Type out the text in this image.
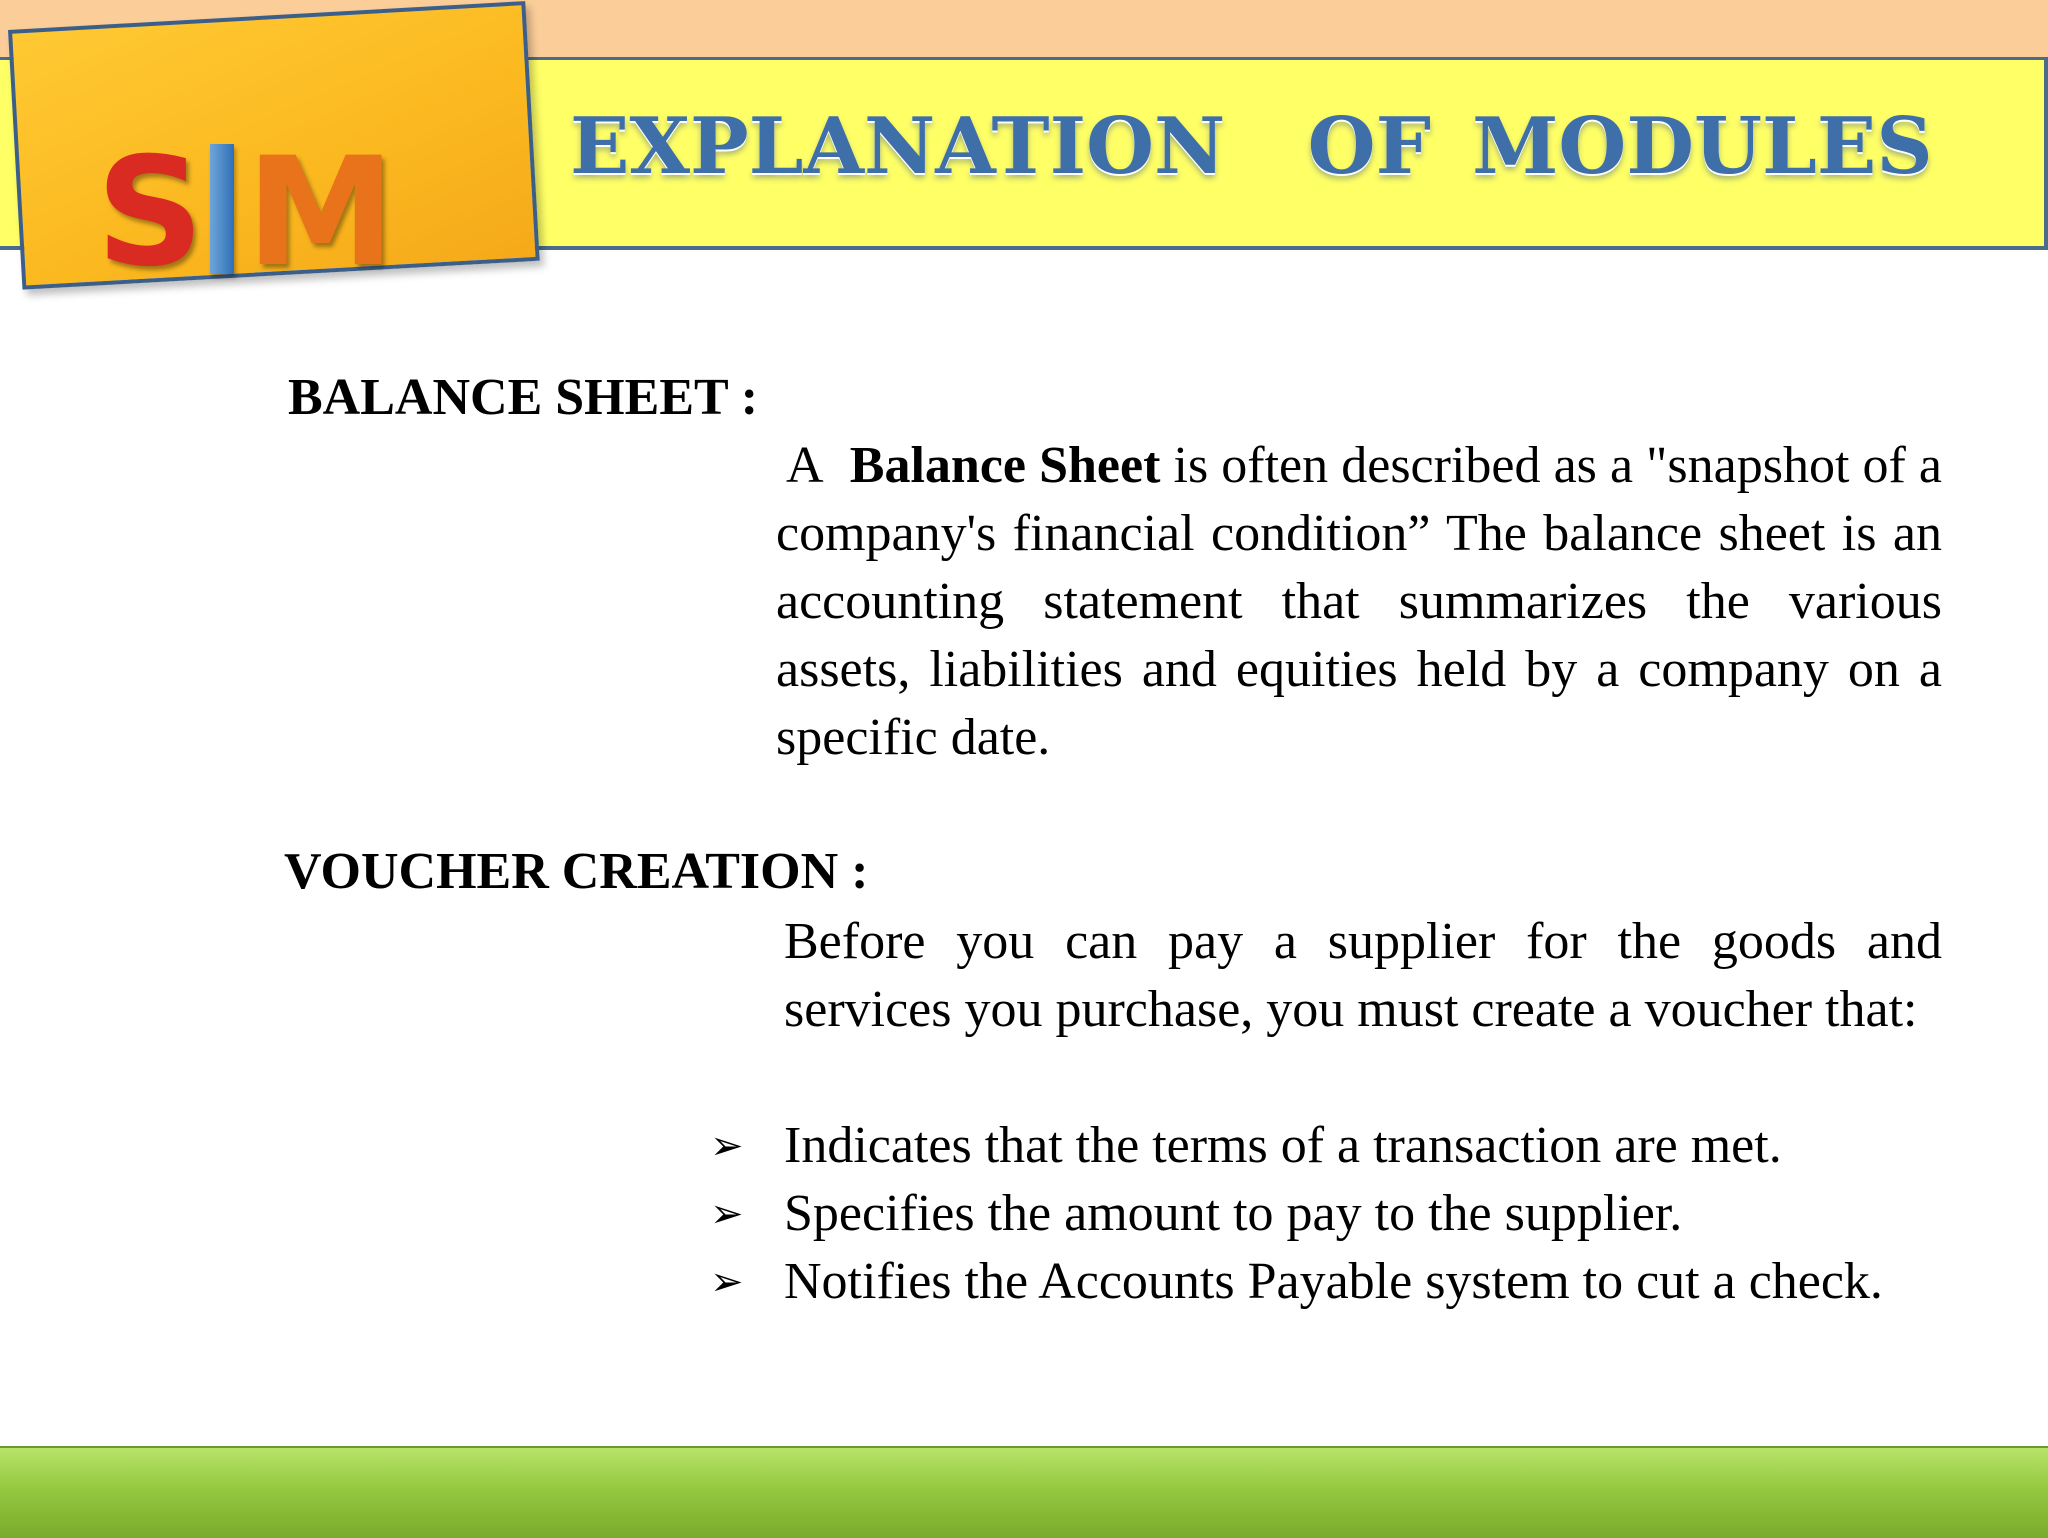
S M EXPLANATION  OF MODULES
BALANCE SHEET :
A Balance Sheet is often described as a "snapshot of a company's financial condition” The balance sheet is an accounting statement that summarizes the various assets, liabilities and equities held by a company on a specific date.
VOUCHER CREATION :
Before you can pay a supplier for the goods and services you purchase, you must create a voucher that:
➢ Indicates that the terms of a transaction are met.
➢ Specifies the amount to pay to the supplier.
➢ Notifies the Accounts Payable system to cut a check.
